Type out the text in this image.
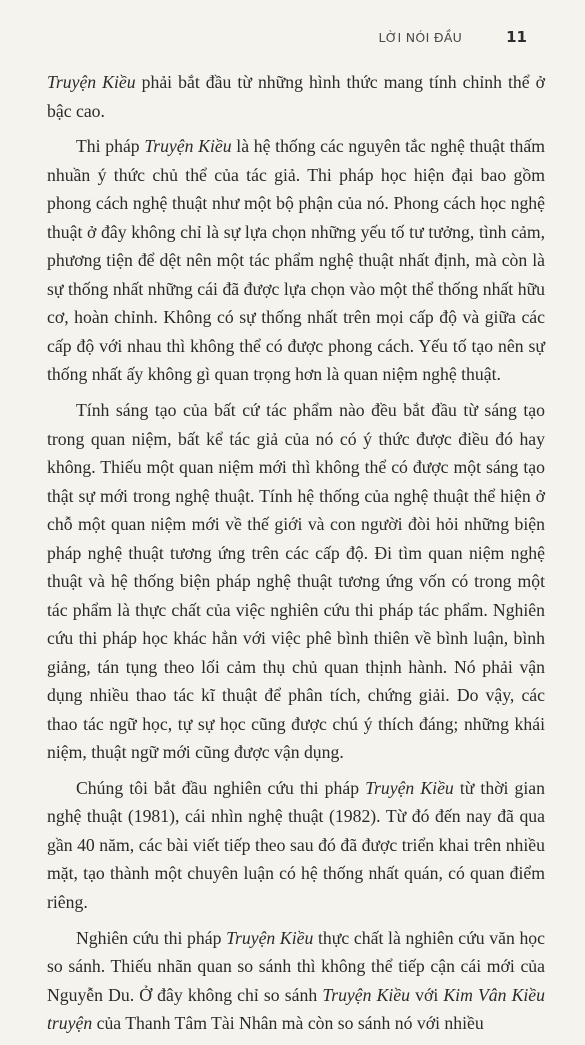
LỜI NÓI ĐẦU	11

Truyện Kiều phải bắt đầu từ những hình thức mang tính chỉnh thể ở bậc cao.

Thi pháp Truyện Kiều là hệ thống các nguyên tắc nghệ thuật thấm nhuần ý thức chủ thể của tác giả. Thi pháp học hiện đại bao gồm phong cách nghệ thuật như một bộ phận của nó. Phong cách học nghệ thuật ở đây không chỉ là sự lựa chọn những yếu tố tư tưởng, tình cảm, phương tiện để dệt nên một tác phẩm nghệ thuật nhất định, mà còn là sự thống nhất những cái đã được lựa chọn vào một thể thống nhất hữu cơ, hoàn chỉnh. Không có sự thống nhất trên mọi cấp độ và giữa các cấp độ với nhau thì không thể có được phong cách. Yếu tố tạo nên sự thống nhất ấy không gì quan trọng hơn là quan niệm nghệ thuật.

Tính sáng tạo của bất cứ tác phẩm nào đều bắt đầu từ sáng tạo trong quan niệm, bất kể tác giả của nó có ý thức được điều đó hay không. Thiếu một quan niệm mới thì không thể có được một sáng tạo thật sự mới trong nghệ thuật. Tính hệ thống của nghệ thuật thể hiện ở chỗ một quan niệm mới về thế giới và con người đòi hỏi những biện pháp nghệ thuật tương ứng trên các cấp độ. Đi tìm quan niệm nghệ thuật và hệ thống biện pháp nghệ thuật tương ứng vốn có trong một tác phẩm là thực chất của việc nghiên cứu thi pháp tác phẩm. Nghiên cứu thi pháp học khác hẳn với việc phê bình thiên về bình luận, bình giảng, tán tụng theo lối cảm thụ chủ quan thịnh hành. Nó phải vận dụng nhiều thao tác kĩ thuật để phân tích, chứng giải. Do vậy, các thao tác ngữ học, tự sự học cũng được chú ý thích đáng; những khái niệm, thuật ngữ mới cũng được vận dụng.

Chúng tôi bắt đầu nghiên cứu thi pháp Truyện Kiều từ thời gian nghệ thuật (1981), cái nhìn nghệ thuật (1982). Từ đó đến nay đã qua gần 40 năm, các bài viết tiếp theo sau đó đã được triển khai trên nhiều mặt, tạo thành một chuyên luận có hệ thống nhất quán, có quan điểm riêng.

Nghiên cứu thi pháp Truyện Kiều thực chất là nghiên cứu văn học so sánh. Thiếu nhãn quan so sánh thì không thể tiếp cận cái mới của Nguyễn Du. Ở đây không chỉ so sánh Truyện Kiều với Kim Vân Kiều truyện của Thanh Tâm Tài Nhân mà còn so sánh nó với nhiều
